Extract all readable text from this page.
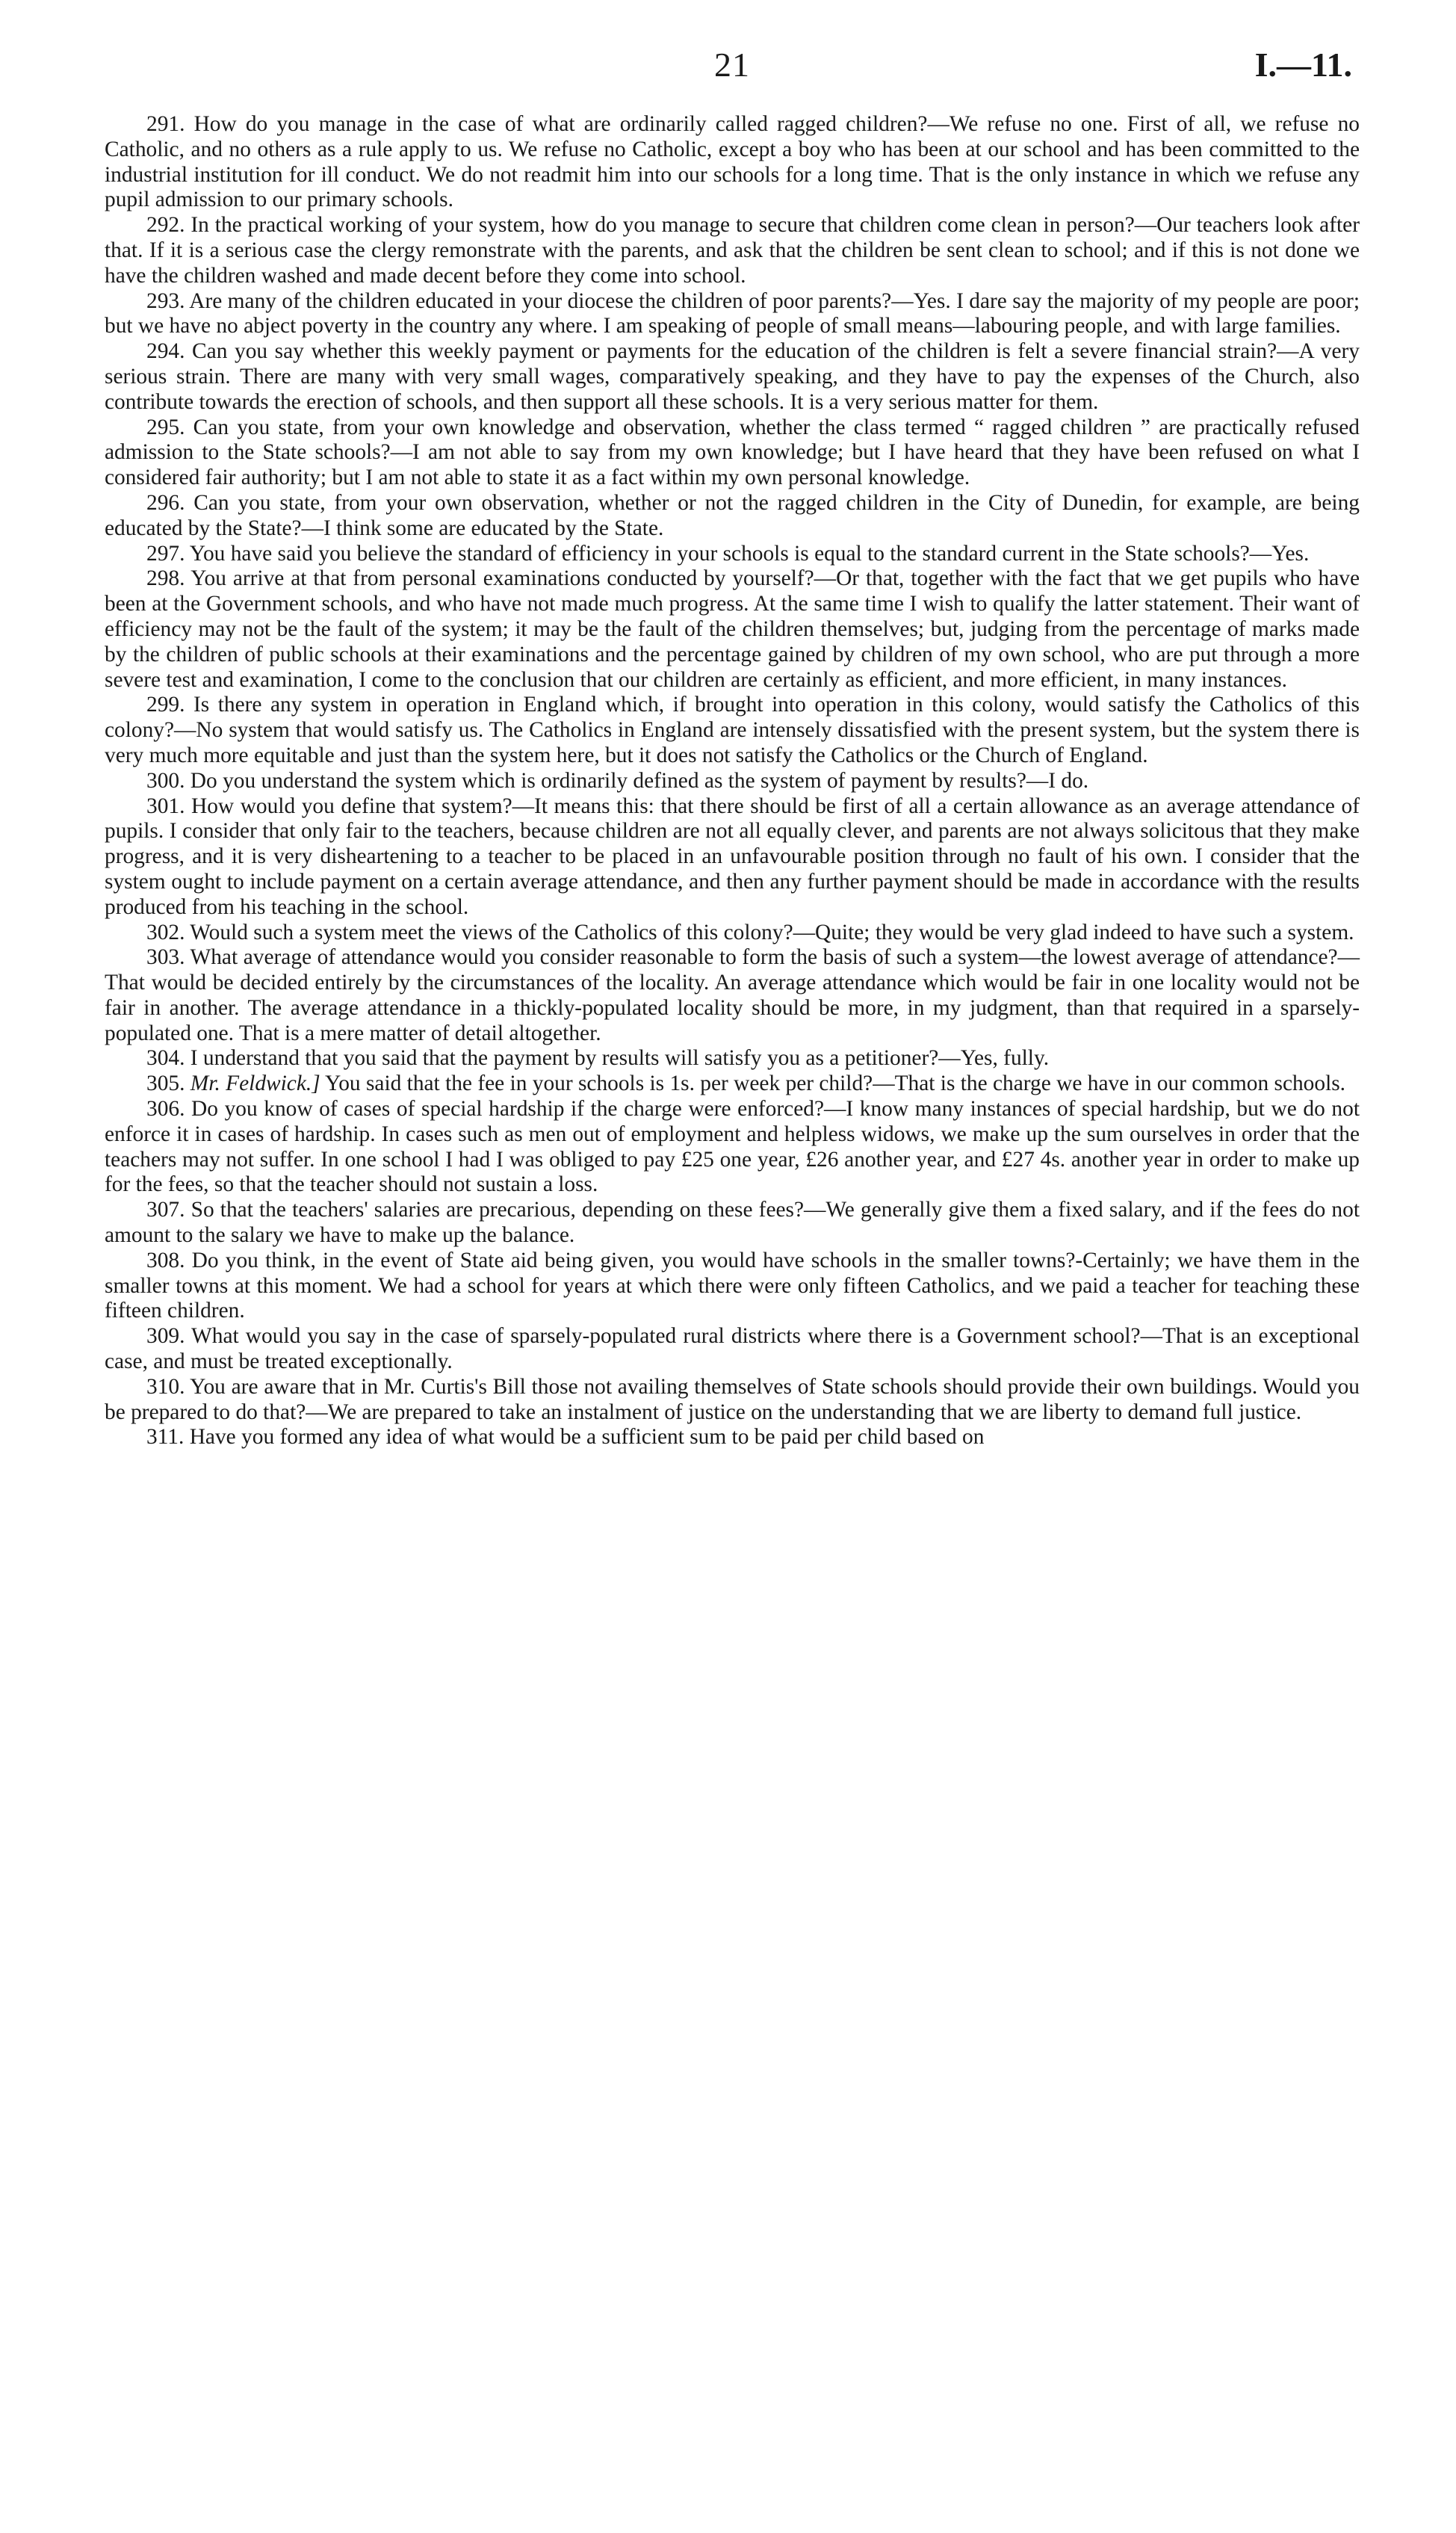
21	I.—11.

291. How do you manage in the case of what are ordinarily called ragged children?—We refuse no one. First of all, we refuse no Catholic, and no others as a rule apply to us. We refuse no Catholic, except a boy who has been at our school and has been committed to the industrial institution for ill conduct. We do not readmit him into our schools for a long time. That is the only instance in which we refuse any pupil admission to our primary schools.

292. In the practical working of your system, how do you manage to secure that children come clean in person?—Our teachers look after that. If it is a serious case the clergy remonstrate with the parents, and ask that the children be sent clean to school; and if this is not done we have the children washed and made decent before they come into school.

293. Are many of the children educated in your diocese the children of poor parents?—Yes. I dare say the majority of my people are poor; but we have no abject poverty in the country any where. I am speaking of people of small means—labouring people, and with large families.

294. Can you say whether this weekly payment or payments for the education of the children is felt a severe financial strain?—A very serious strain. There are many with very small wages, comparatively speaking, and they have to pay the expenses of the Church, also contribute towards the erection of schools, and then support all these schools. It is a very serious matter for them.

295. Can you state, from your own knowledge and observation, whether the class termed “ ragged children ” are practically refused admission to the State schools?—I am not able to say from my own knowledge; but I have heard that they have been refused on what I considered fair authority; but I am not able to state it as a fact within my own personal knowledge.

296. Can you state, from your own observation, whether or not the ragged children in the City of Dunedin, for example, are being educated by the State?—I think some are educated by the State.

297. You have said you believe the standard of efficiency in your schools is equal to the standard current in the State schools?—Yes.

298. You arrive at that from personal examinations conducted by yourself?—Or that, together with the fact that we get pupils who have been at the Government schools, and who have not made much progress. At the same time I wish to qualify the latter statement. Their want of efficiency may not be the fault of the system; it may be the fault of the children themselves; but, judging from the percentage of marks made by the children of public schools at their examinations and the percentage gained by children of my own school, who are put through a more severe test and examination, I come to the conclusion that our children are certainly as efficient, and more efficient, in many instances.

299. Is there any system in operation in England which, if brought into operation in this colony, would satisfy the Catholics of this colony?—No system that would satisfy us. The Catholics in England are intensely dissatisfied with the present system, but the system there is very much more equitable and just than the system here, but it does not satisfy the Catholics or the Church of England.

300. Do you understand the system which is ordinarily defined as the system of payment by results?—I do.

301. How would you define that system?—It means this: that there should be first of all a certain allowance as an average attendance of pupils. I consider that only fair to the teachers, because children are not all equally clever, and parents are not always solicitous that they make progress, and it is very disheartening to a teacher to be placed in an unfavourable position through no fault of his own. I consider that the system ought to include payment on a certain average attendance, and then any further payment should be made in accordance with the results produced from his teaching in the school.

302. Would such a system meet the views of the Catholics of this colony?—Quite; they would be very glad indeed to have such a system.

303. What average of attendance would you consider reasonable to form the basis of such a system—the lowest average of attendance?—That would be decided entirely by the circumstances of the locality. An average attendance which would be fair in one locality would not be fair in another. The average attendance in a thickly-populated locality should be more, in my judgment, than that required in a sparsely-populated one. That is a mere matter of detail altogether.

304. I understand that you said that the payment by results will satisfy you as a petitioner?—Yes, fully.

305. Mr. Feldwick.] You said that the fee in your schools is 1s. per week per child?—That is the charge we have in our common schools.

306. Do you know of cases of special hardship if the charge were enforced?—I know many instances of special hardship, but we do not enforce it in cases of hardship. In cases such as men out of employment and helpless widows, we make up the sum ourselves in order that the teachers may not suffer. In one school I had I was obliged to pay £25 one year, £26 another year, and £27 4s. another year in order to make up for the fees, so that the teacher should not sustain a loss.

307. So that the teachers' salaries are precarious, depending on these fees?—We generally give them a fixed salary, and if the fees do not amount to the salary we have to make up the balance.

308. Do you think, in the event of State aid being given, you would have schools in the smaller towns?-Certainly; we have them in the smaller towns at this moment. We had a school for years at which there were only fifteen Catholics, and we paid a teacher for teaching these fifteen children.

309. What would you say in the case of sparsely-populated rural districts where there is a Government school?—That is an exceptional case, and must be treated exceptionally.

310. You are aware that in Mr. Curtis's Bill those not availing themselves of State schools should provide their own buildings. Would you be prepared to do that?—We are prepared to take an instalment of justice on the understanding that we are liberty to demand full justice.

311. Have you formed any idea of what would be a sufficient sum to be paid per child based on
